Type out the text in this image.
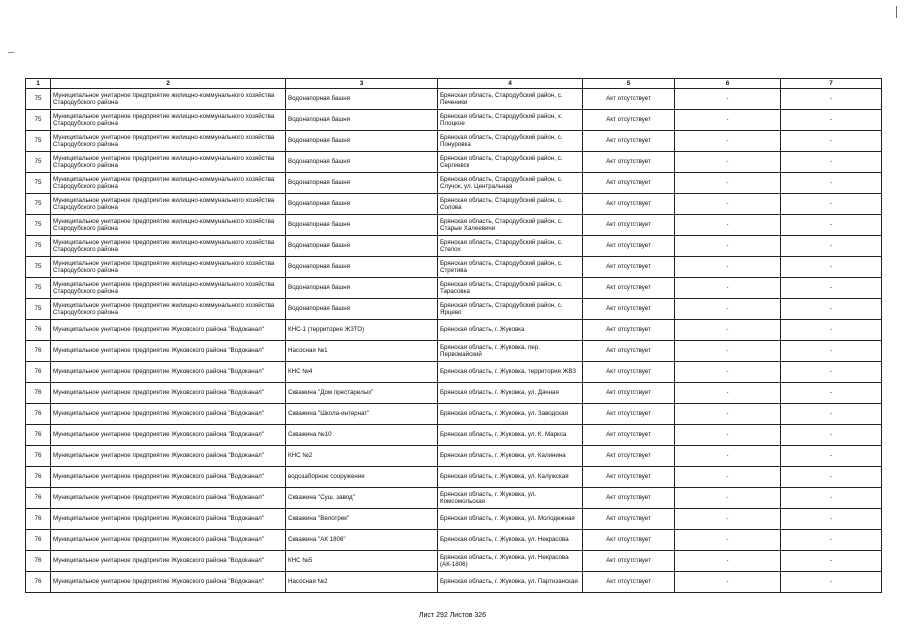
1	2	3	4	5	6	7
75	Муниципальное унитарное предприятие жилищно-коммунального хозяйства Стародубского района	Водонапорная башня	Брянская область, Стародубский район, с. Печеники	Акт отсутствует	-	-
75	Муниципальное унитарное предприятие жилищно-коммунального хозяйства Стародубского района	Водонапорная башня	Брянская область, Стародубский район, х. Плоцкое	Акт отсутствует	-	-
75	Муниципальное унитарное предприятие жилищно-коммунального хозяйства Стародубского района	Водонапорная башня	Брянская область, Стародубский район, с. Понуровка	Акт отсутствует	-	-
75	Муниципальное унитарное предприятие жилищно-коммунального хозяйства Стародубского района	Водонапорная башня	Брянская область, Стародубский район, с. Сергеевск	Акт отсутствует	-	-
75	Муниципальное унитарное предприятие жилищно-коммунального хозяйства Стародубского района	Водонапорная башня	Брянская область, Стародубский район, с. Случок, ул. Центральная	Акт отсутствует	-	-
75	Муниципальное унитарное предприятие жилищно-коммунального хозяйства Стародубского района	Водонапорная башня	Брянская область, Стародубский район, с. Солова	Акт отсутствует	-	-
75	Муниципальное унитарное предприятие жилищно-коммунального хозяйства Стародубского района	Водонапорная башня	Брянская область, Стародубский район, с. Старые Халеевичи	Акт отсутствует	-	-
75	Муниципальное унитарное предприятие жилищно-коммунального хозяйства Стародубского района	Водонапорная башня	Брянская область, Стародубский район, с. Стелох	Акт отсутствует	-	-
75	Муниципальное унитарное предприятие жилищно-коммунального хозяйства Стародубского района	Водонапорная башня	Брянская область, Стародубский район, с. Стретива	Акт отсутствует	-	-
75	Муниципальное унитарное предприятие жилищно-коммунального хозяйства Стародубского района	Водонапорная башня	Брянская область, Стародубский район, с. Тарасовка	Акт отсутствует	-	-
75	Муниципальное унитарное предприятие жилищно-коммунального хозяйства Стародубского района	Водонапорная башня	Брянская область, Стародубский район, с. Ярцево	Акт отсутствует	-	-
76	Муниципальное унитарное предприятие Жуковского района "Водоканал"	КНС-1 (территория ЖЗТО)	Брянская область, г. Жуковка	Акт отсутствует	-	-
76	Муниципальное унитарное предприятие Жуковского района "Водоканал"	Насосная №1	Брянская область, г. Жуковка, пер. Первомайский	Акт отсутствует	-	-
76	Муниципальное унитарное предприятие Жуковского района "Водоканал"	КНС №4	Брянская область, г. Жуковка, территория ЖВЗ	Акт отсутствует	-	-
76	Муниципальное унитарное предприятие Жуковского района "Водоканал"	Скважина "Дом престарелых"	Брянская область, г. Жуковка, ул. Дачная	Акт отсутствует	-	-
76	Муниципальное унитарное предприятие Жуковского района "Водоканал"	Скважина "Школа-интернат"	Брянская область, г. Жуковка, ул. Заводская	Акт отсутствует	-	-
76	Муниципальное унитарное предприятие Жуковского района "Водоканал"	Скважина №10	Брянская область, г. Жуковка, ул. К. Маркса	Акт отсутствует	-	-
76	Муниципальное унитарное предприятие Жуковского района "Водоканал"	КНС №2	Брянская область, г. Жуковка, ул. Калинина	Акт отсутствует	-	-
76	Муниципальное унитарное предприятие Жуковского района "Водоканал"	водозаборное сооружение	Брянская область, г. Жуковка, ул. Калужская	Акт отсутствует	-	-
76	Муниципальное унитарное предприятие Жуковского района "Водоканал"	Скважина "Суш. завод"	Брянская область, г. Жуковка, ул. Комсомольская	Акт отсутствует	-	-
76	Муниципальное унитарное предприятие Жуковского района "Водоканал"	Скважина "Велотрек"	Брянская область, г. Жуковка, ул. Молодежная	Акт отсутствует	-	-
76	Муниципальное унитарное предприятие Жуковского района "Водоканал"	Скважина "АК 1806"	Брянская область, г. Жуковка, ул. Некрасова	Акт отсутствует	-	-
76	Муниципальное унитарное предприятие Жуковского района "Водоканал"	КНС №5	Брянская область, г. Жуковка, ул. Некрасова (АК-1806)	Акт отсутствует	-	-
76	Муниципальное унитарное предприятие Жуковского района "Водоканал"	Насосная №2	Брянская область, г. Жуковка, ул. Партизанская	Акт отсутствует	-	-
Лист 292 Листов 326
